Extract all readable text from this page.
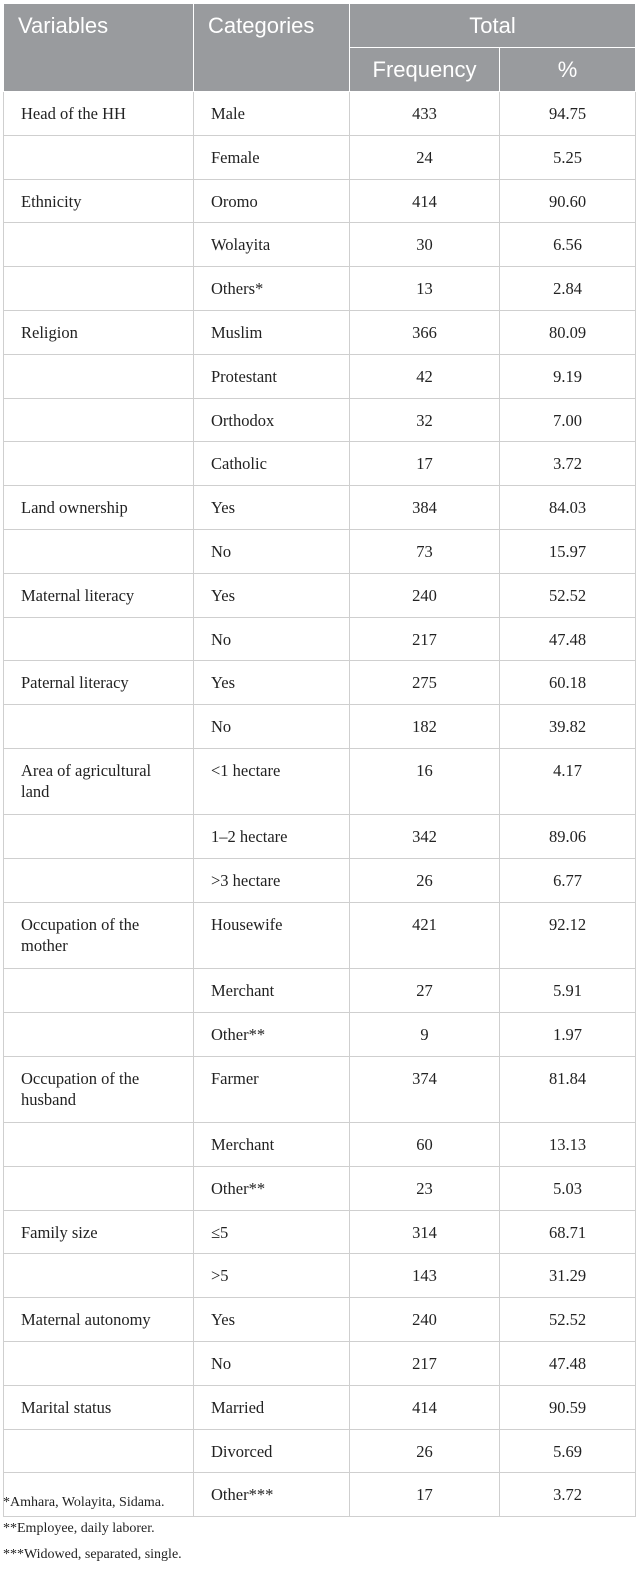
Variables	Categories	Total	
		Frequency	%
Head of the HH	Male	433	94.75
	Female	24	5.25
Ethnicity	Oromo	414	90.60
	Wolayita	30	6.56
	Others*	13	2.84
Religion	Muslim	366	80.09
	Protestant	42	9.19
	Orthodox	32	7.00
	Catholic	17	3.72
Land ownership	Yes	384	84.03
	No	73	15.97
Maternal literacy	Yes	240	52.52
	No	217	47.48
Paternal literacy	Yes	275	60.18
	No	182	39.82
Area of agricultural land	<1 hectare	16	4.17
	1–2 hectare	342	89.06
	>3 hectare	26	6.77
Occupation of the mother	Housewife	421	92.12
	Merchant	27	5.91
	Other**	9	1.97
Occupation of the husband	Farmer	374	81.84
	Merchant	60	13.13
	Other**	23	5.03
Family size	≤5	314	68.71
	>5	143	31.29
Maternal autonomy	Yes	240	52.52
	No	217	47.48
Marital status	Married	414	90.59
	Divorced	26	5.69
	Other***	17	3.72
*Amhara, Wolayita, Sidama.
**Employee, daily laborer.
***Widowed, separated, single.
